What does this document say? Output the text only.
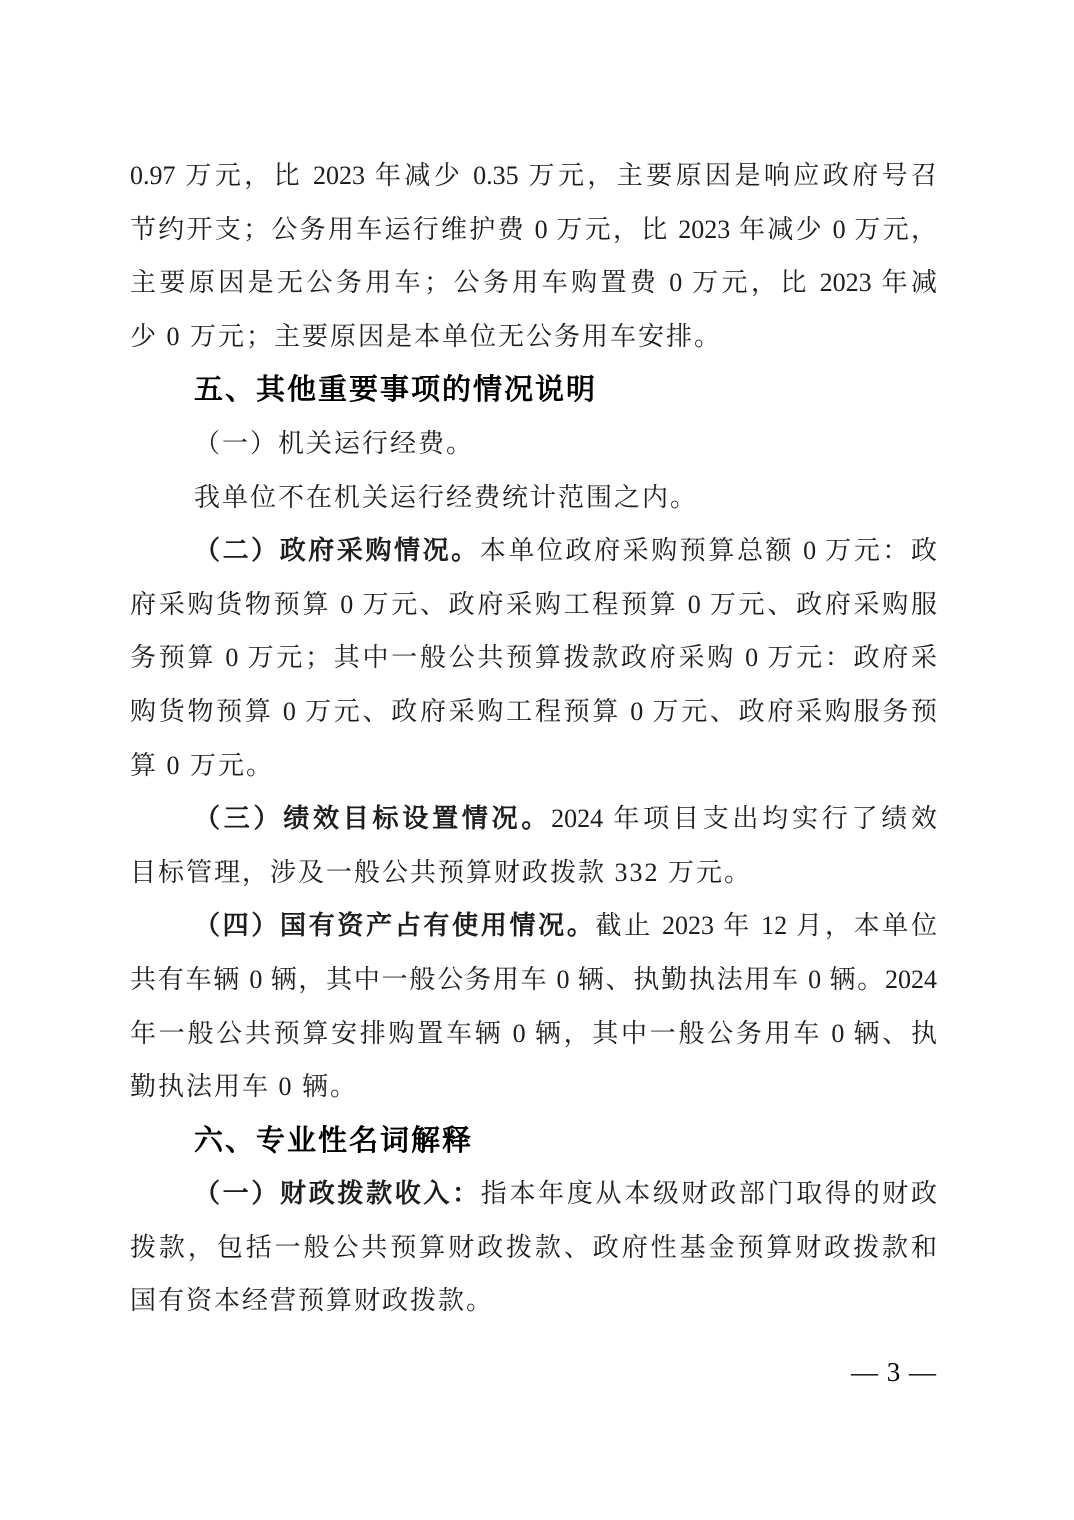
0.97 万元，比 2023 年减少 0.35 万元，主要原因是响应政府号召
节约开支；公务用车运行维护费 0 万元，比 2023 年减少 0 万元，
主要原因是无公务用车；公务用车购置费 0 万元，比 2023 年减
少 0 万元；主要原因是本单位无公务用车安排。
五、其他重要事项的情况说明
（一）机关运行经费。
我单位不在机关运行经费统计范围之内。
（二）政府采购情况。本单位政府采购预算总额 0 万元：政
府采购货物预算 0 万元、政府采购工程预算 0 万元、政府采购服
务预算 0 万元；其中一般公共预算拨款政府采购 0 万元：政府采
购货物预算 0 万元、政府采购工程预算 0 万元、政府采购服务预
算 0 万元。
（三）绩效目标设置情况。2024 年项目支出均实行了绩效
目标管理，涉及一般公共预算财政拨款 332 万元。
（四）国有资产占有使用情况。截止 2023 年 12 月，本单位
共有车辆 0 辆，其中一般公务用车 0 辆、执勤执法用车 0 辆。2024
年一般公共预算安排购置车辆 0 辆，其中一般公务用车 0 辆、执
勤执法用车 0 辆。
六、专业性名词解释
（一）财政拨款收入：指本年度从本级财政部门取得的财政
拨款，包括一般公共预算财政拨款、政府性基金预算财政拨款和
国有资本经营预算财政拨款。
— 3 —
